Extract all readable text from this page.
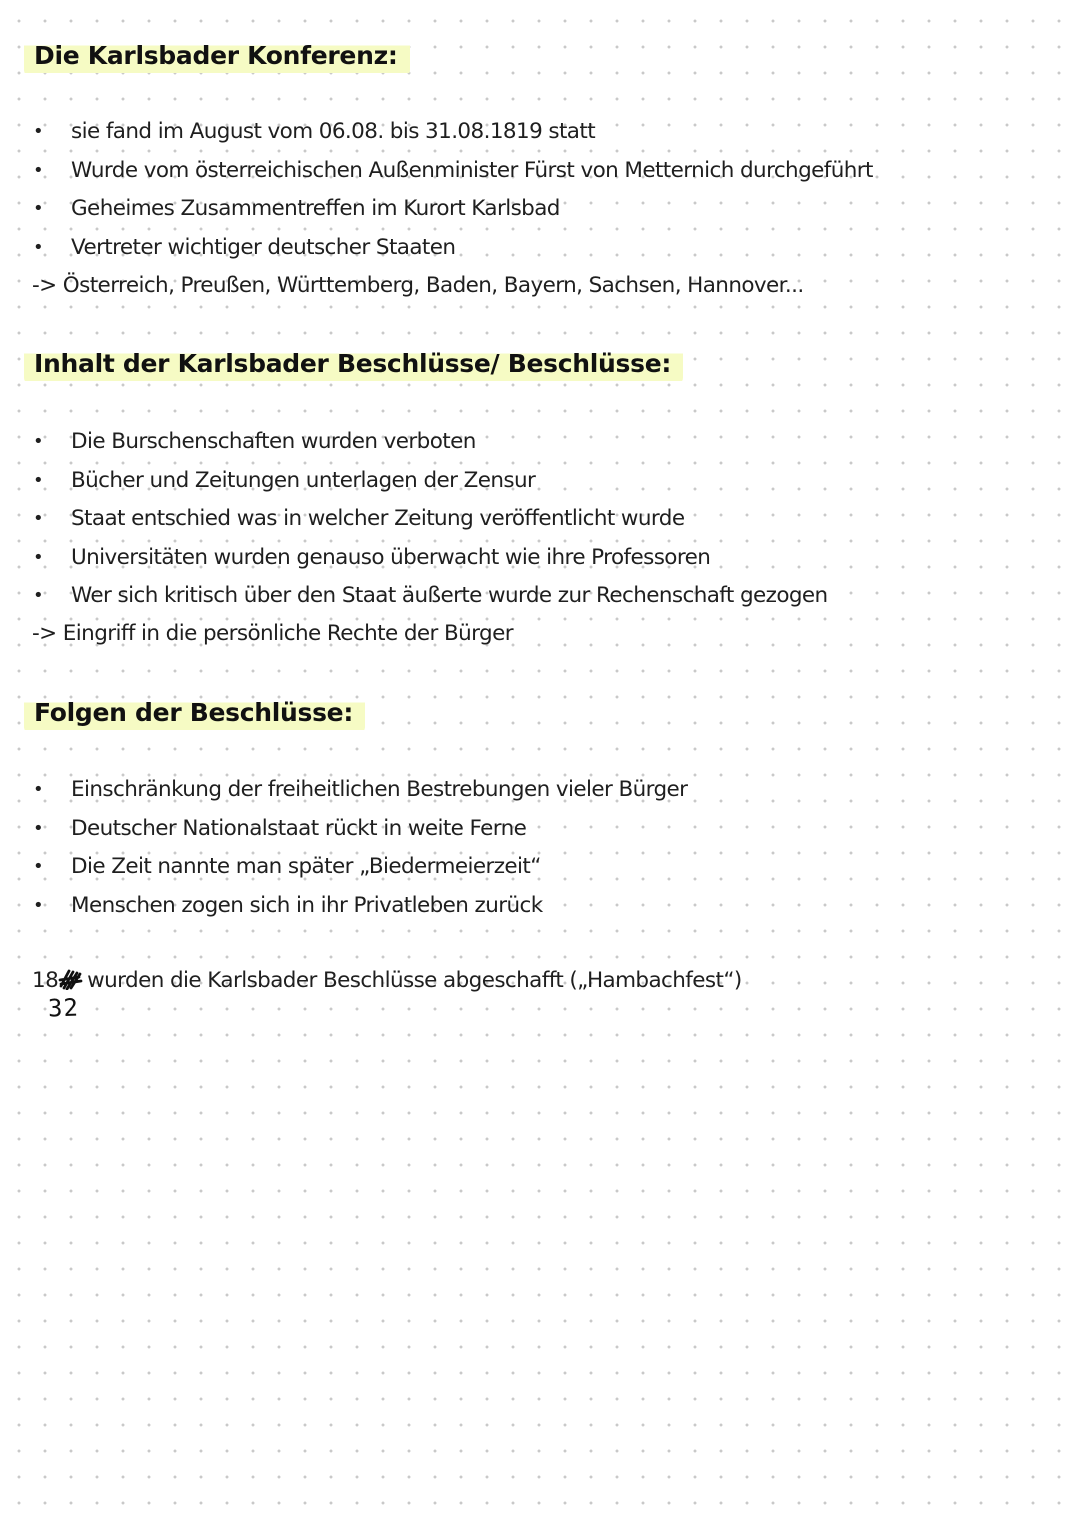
Die Karlsbader Konferenz:
• sie fand im August vom 06.08. bis 31.08.1819 statt
• Wurde vom österreichischen Außenminister Fürst von Metternich durchgeführt
• Geheimes Zusammentreffen im Kurort Karlsbad
• Vertreter wichtiger deutscher Staaten

-> Österreich, Preußen, Württemberg, Baden, Bayern, Sachsen, Hannover...

Inhalt der Karlsbader Beschlüsse/ Beschlüsse:
• Die Burschenschaften wurden verboten
• Bücher und Zeitungen unterlagen der Zensur
• Staat entschied was in welcher Zeitung veröffentlicht wurde
• Universitäten wurden genauso überwacht wie ihre Professoren
• Wer sich kritisch über den Staat äußerte wurde zur Rechenschaft gezogen

-> Eingriff in die persönliche Rechte der Bürger

Folgen der Beschlüsse:
• Einschränkung der freiheitlichen Bestrebungen vieler Bürger
• Deutscher Nationalstaat rückt in weite Ferne
• Die Zeit nannte man später „Biedermeierzeit“
• Menschen zogen sich in ihr Privatleben zurück

18 wurden die Karlsbader Beschlüsse abgeschafft („Hambachfest“)

32
